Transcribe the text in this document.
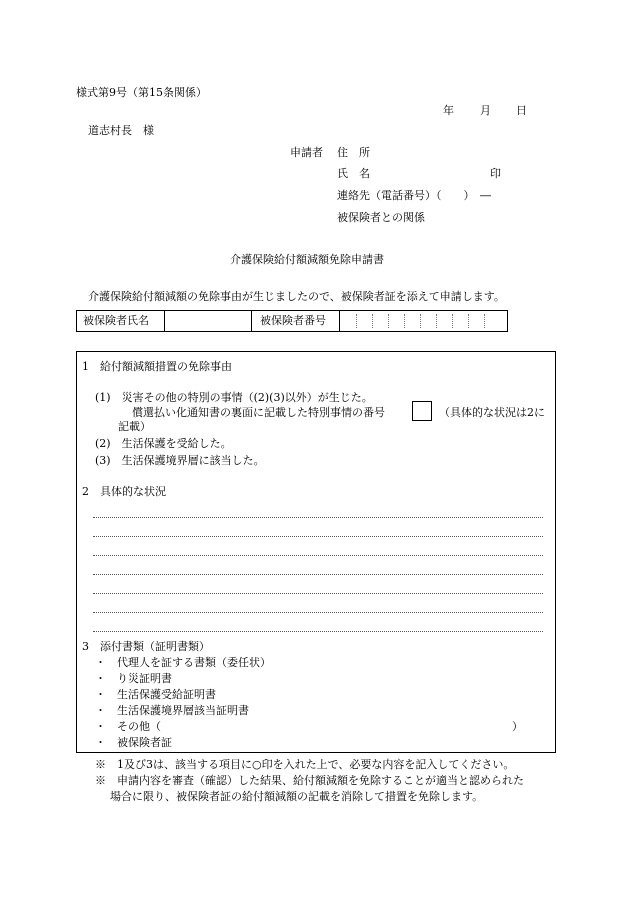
様式第9号（第15条関係）
年 月 日
道志村長　様
申請者 住　所
氏　名	印
連絡先（電話番号）（　　）　―
被保険者との関係
介護保険給付額減額免除申請書
介護保険給付額減額の免除事由が生じましたので、被保険者証を添えて申請します。
被保険者氏名	被保険者番号
1　給付額減額措置の免除事由
(1)　災害その他の特別の事情（(2)(3)以外）が生じた。
償還払い化通知書の裏面に記載した特別事情の番号	（具体的な状況は2に
記載）
(2)　生活保護を受給した。
(3)　生活保護境界層に該当した。
2　具体的な状況
3　添付書類（証明書類）
・　代理人を証する書類（委任状）
・　り災証明書
・　生活保護受給証明書
・　生活保護境界層該当証明書
・　その他（	）
・　被保険者証
※　1及び3は、該当する項目に○印を入れた上で、必要な内容を記入してください。
※　申請内容を審査（確認）した結果、給付額減額を免除することが適当と認められた
場合に限り、被保険者証の給付額減額の記載を消除して措置を免除します。
